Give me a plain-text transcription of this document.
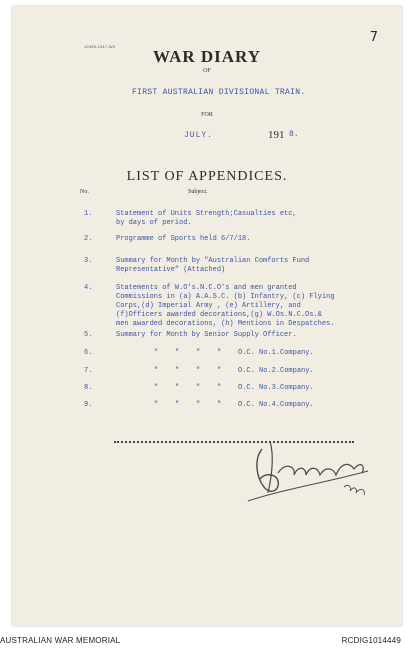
7
12459-1917-W3
WAR DIARY
OF
FIRST AUSTRALIAN DIVISIONAL TRAIN.
FOR
JULY.	191 8.
LIST OF APPENDICES.
No.	Subject.
1.	Statement of Units Strength;Casualties etc,
by days of period.
2.	Programme of Sports held 6/7/18.
3.	Summary for Month by "Australian Comforts Fund
Representative" (Attached)
4.	Statements of W.O's.N.C.O's and men granted
Commissions in (a) A.A.S.C. (b) Infantry, (c) Flying
Corps,(d) Imperial Army , (e) Artillery, and
(f)Officers awarded decorations,(g) W.Os.N.C.Os.&
men awarded decorations, (h) Mentions in Despatches.
5.	Summary for Month by Senior Supply Officer.
6.	"    "    "    "    O.C. No.1.Company.
7.	"    "    "    "    O.C. No.2.Company.
8.	"    "    "    "    O.C. No.3.Company.
9.	"    "    "    "    O.C. No.4.Company.
AUSTRALIAN WAR MEMORIAL	RCDIG1014449
